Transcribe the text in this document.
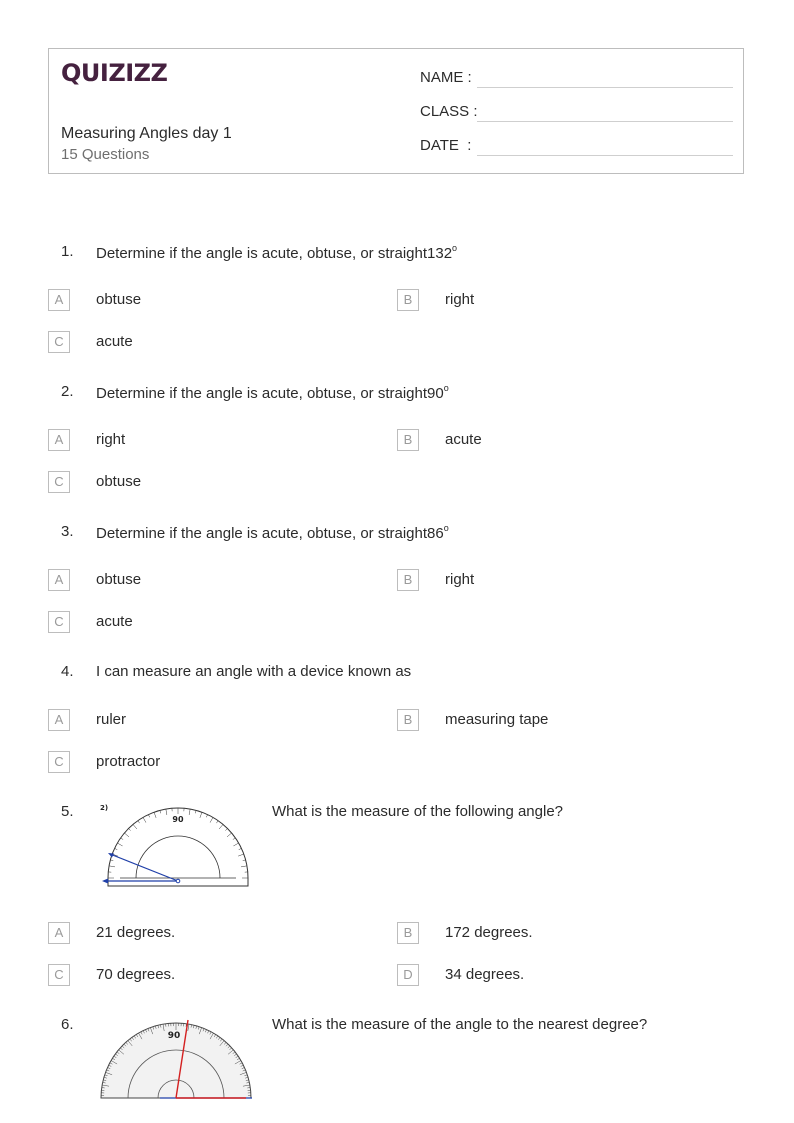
QUIZIZZ
Measuring Angles day 1
15 Questions
NAME :
CLASS :
DATE  :
1. Determine if the angle is acute, obtuse, or straight132$^o$
A	obtuse	B	right
C	acute
2. Determine if the angle is acute, obtuse, or straight90$^o$
A	right	B	acute
C	obtuse
3. Determine if the angle is acute, obtuse, or straight86$^o$
A	obtuse	B	right
C	acute
4. I can measure an angle with a device known as
A	ruler	B	measuring tape
C	protractor
5.	What is the measure of the following angle?
2)
90
A	21 degrees.	B	172 degrees.
C	70 degrees.	D	34 degrees.
6.	What is the measure of the angle to the nearest degree?
90
